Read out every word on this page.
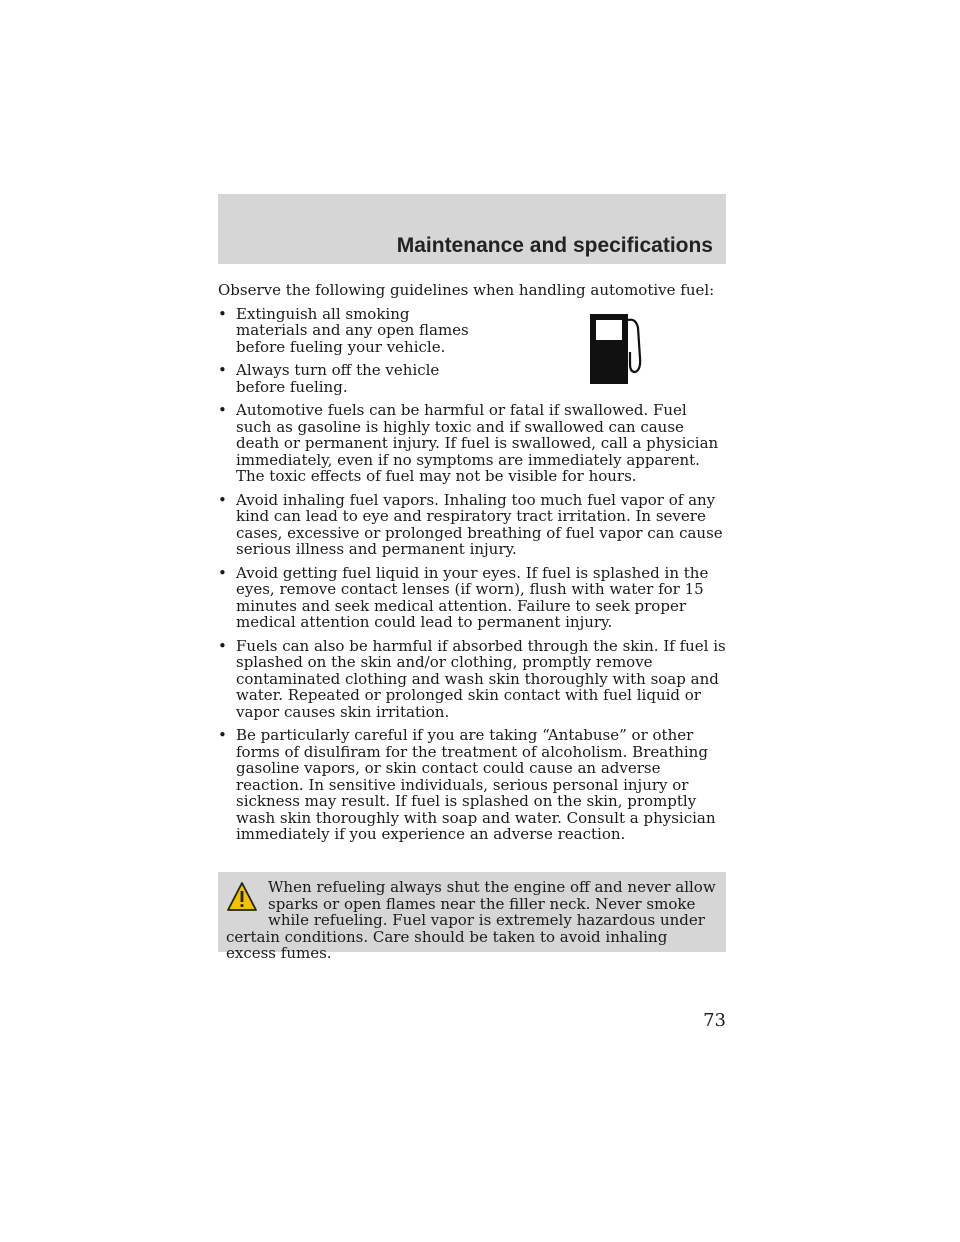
Maintenance and specifications

Observe the following guidelines when handling automotive fuel:

• Extinguish all smoking materials and any open flames before fueling your vehicle.
• Always turn off the vehicle before fueling.
• Automotive fuels can be harmful or fatal if swallowed. Fuel such as gasoline is highly toxic and if swallowed can cause death or permanent injury. If fuel is swallowed, call a physician immediately, even if no symptoms are immediately apparent. The toxic effects of fuel may not be visible for hours.
• Avoid inhaling fuel vapors. Inhaling too much fuel vapor of any kind can lead to eye and respiratory tract irritation. In severe cases, excessive or prolonged breathing of fuel vapor can cause serious illness and permanent injury.
• Avoid getting fuel liquid in your eyes. If fuel is splashed in the eyes, remove contact lenses (if worn), flush with water for 15 minutes and seek medical attention. Failure to seek proper medical attention could lead to permanent injury.
• Fuels can also be harmful if absorbed through the skin. If fuel is splashed on the skin and/or clothing, promptly remove contaminated clothing and wash skin thoroughly with soap and water. Repeated or prolonged skin contact with fuel liquid or vapor causes skin irritation.
• Be particularly careful if you are taking “Antabuse” or other forms of disulfiram for the treatment of alcoholism. Breathing gasoline vapors, or skin contact could cause an adverse reaction. In sensitive individuals, serious personal injury or sickness may result. If fuel is splashed on the skin, promptly wash skin thoroughly with soap and water. Consult a physician immediately if you experience an adverse reaction.

When refueling always shut the engine off and never allow sparks or open flames near the filler neck. Never smoke while refueling. Fuel vapor is extremely hazardous under certain conditions. Care should be taken to avoid inhaling excess fumes.

73
